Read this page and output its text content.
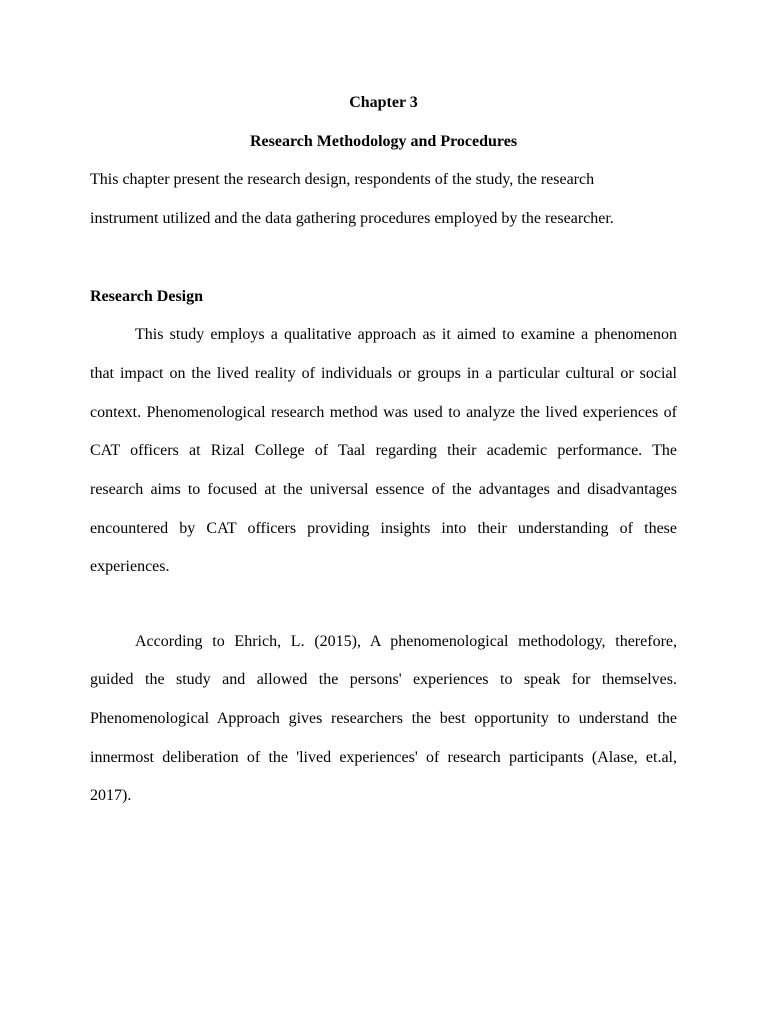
Chapter 3
Research Methodology and Procedures
This chapter present the research design, respondents of the study, the research
instrument utilized and the data gathering procedures employed by the researcher.
Research Design
This study employs a qualitative approach as it aimed to examine a phenomenon
that impact on the lived reality of individuals or groups in a particular cultural or social
context. Phenomenological research method was used to analyze the lived experiences of
CAT officers at Rizal College of Taal regarding their academic performance. The
research aims to focused at the universal essence of the advantages and disadvantages
encountered by CAT officers providing insights into their understanding of these
experiences.
According to Ehrich, L. (2015), A phenomenological methodology, therefore,
guided the study and allowed the persons' experiences to speak for themselves.
Phenomenological Approach gives researchers the best opportunity to understand the
innermost deliberation of the 'lived experiences' of research participants (Alase, et.al,
2017).
